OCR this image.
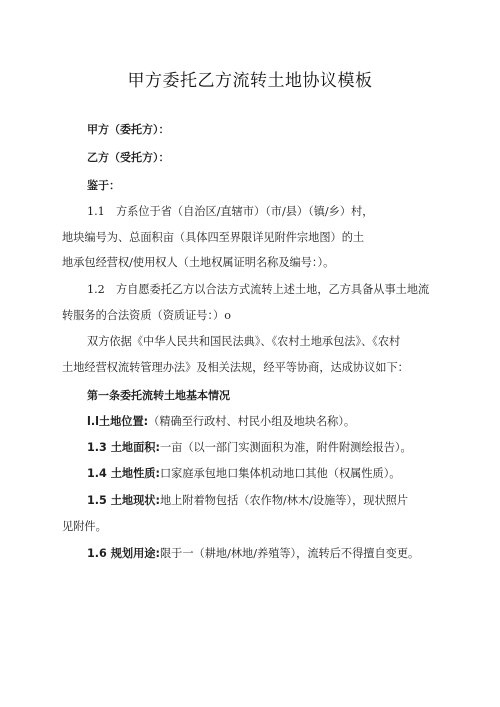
甲方委托乙方流转土地协议模板
甲方（委托方）：
乙方（受托方）：
鉴于：
1.1　方系位于省（自治区/直辖市）（市/县）（镇/乡）村，
地块编号为、总面积亩（具体四至界限详见附件宗地图）的土
地承包经营权/使用权人（土地权属证明名称及编号：）。
1.2　方自愿委托乙方以合法方式流转上述土地，乙方具备从事土地流
转服务的合法资质（资质证号：）o
双方依据《中华人民共和国民法典》、《农村土地承包法》、《农村
土地经营权流转管理办法》及相关法规，经平等协商，达成协议如下：
第一条委托流转土地基本情况
l.l土地位置:（精确至行政村、村民小组及地块名称）。
1.3 土地面积:一亩（以一部门实测面积为准，附件附测绘报告）。
1.4 土地性质:口家庭承包地口集体机动地口其他（权属性质）。
1.5 土地现状:地上附着物包括（农作物/林木/设施等），现状照片
见附件。
1.6 规划用途:限于一（耕地/林地/养殖等），流转后不得擅自变更。
